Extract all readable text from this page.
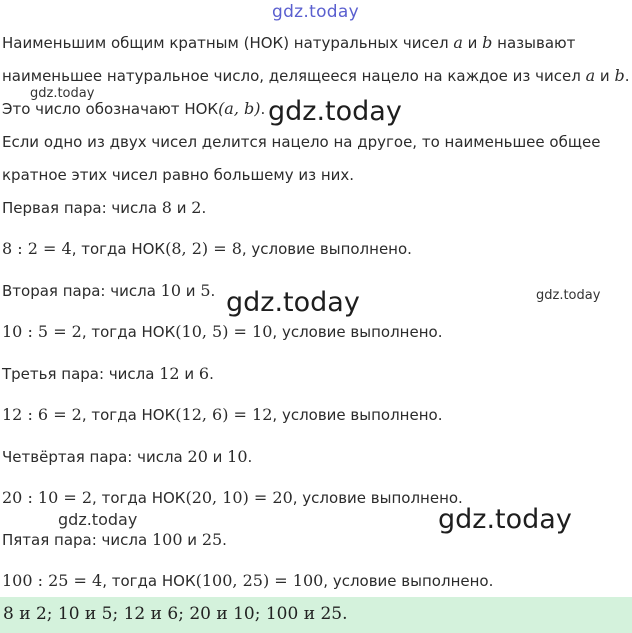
gdz.today
gdz.today
gdz.today
gdz.today	gdz.today
gdz.today	gdz.today
Наименьшим общим кратным (НОК) натуральных чисел a и b называют
наименьшее натуральное число, делящееся нацело на каждое из чисел a и b.
Это число обозначают НОК(a, b).
Если одно из двух чисел делится нацело на другое, то наименьшее общее
кратное этих чисел равно большему из них.
Первая пара: числа 8 и 2.
8 : 2 = 4, тогда НОК(8, 2) = 8, условие выполнено.
Вторая пара: числа 10 и 5.
10 : 5 = 2, тогда НОК(10, 5) = 10, условие выполнено.
Третья пара: числа 12 и 6.
12 : 6 = 2, тогда НОК(12, 6) = 12, условие выполнено.
Четвёртая пара: числа 20 и 10.
20 : 10 = 2, тогда НОК(20, 10) = 20, условие выполнено.
Пятая пара: числа 100 и 25.
100 : 25 = 4, тогда НОК(100, 25) = 100, условие выполнено.
8 и 2; 10 и 5; 12 и 6; 20 и 10; 100 и 25.
